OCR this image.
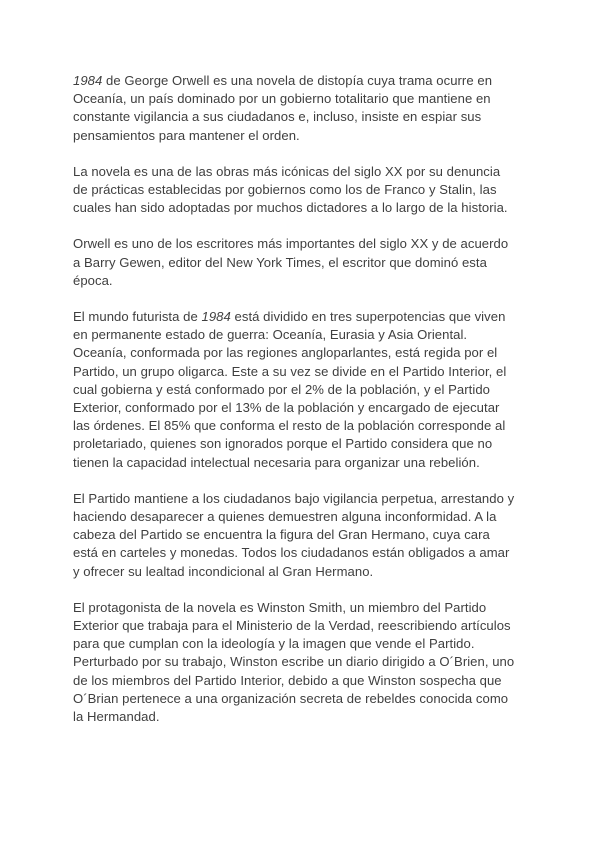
1984 de George Orwell es una novela de distopía cuya trama ocurre en
Oceanía, un país dominado por un gobierno totalitario que mantiene en
constante vigilancia a sus ciudadanos e, incluso, insiste en espiar sus
pensamientos para mantener el orden.

La novela es una de las obras más icónicas del siglo XX por su denuncia
de prácticas establecidas por gobiernos como los de Franco y Stalin, las
cuales han sido adoptadas por muchos dictadores a lo largo de la historia.

Orwell es uno de los escritores más importantes del siglo XX y de acuerdo
a Barry Gewen, editor del New York Times, el escritor que dominó esta
época.

El mundo futurista de 1984 está dividido en tres superpotencias que viven
en permanente estado de guerra: Oceanía, Eurasia y Asia Oriental.
Oceanía, conformada por las regiones angloparlantes, está regida por el
Partido, un grupo oligarca. Este a su vez se divide en el Partido Interior, el
cual gobierna y está conformado por el 2% de la población, y el Partido
Exterior, conformado por el 13% de la población y encargado de ejecutar
las órdenes. El 85% que conforma el resto de la población corresponde al
proletariado, quienes son ignorados porque el Partido considera que no
tienen la capacidad intelectual necesaria para organizar una rebelión.

El Partido mantiene a los ciudadanos bajo vigilancia perpetua, arrestando y
haciendo desaparecer a quienes demuestren alguna inconformidad. A la
cabeza del Partido se encuentra la figura del Gran Hermano, cuya cara
está en carteles y monedas. Todos los ciudadanos están obligados a amar
y ofrecer su lealtad incondicional al Gran Hermano.

El protagonista de la novela es Winston Smith, un miembro del Partido
Exterior que trabaja para el Ministerio de la Verdad, reescribiendo artículos
para que cumplan con la ideología y la imagen que vende el Partido.
Perturbado por su trabajo, Winston escribe un diario dirigido a O´Brien, uno
de los miembros del Partido Interior, debido a que Winston sospecha que
O´Brian pertenece a una organización secreta de rebeldes conocida como
la Hermandad.
